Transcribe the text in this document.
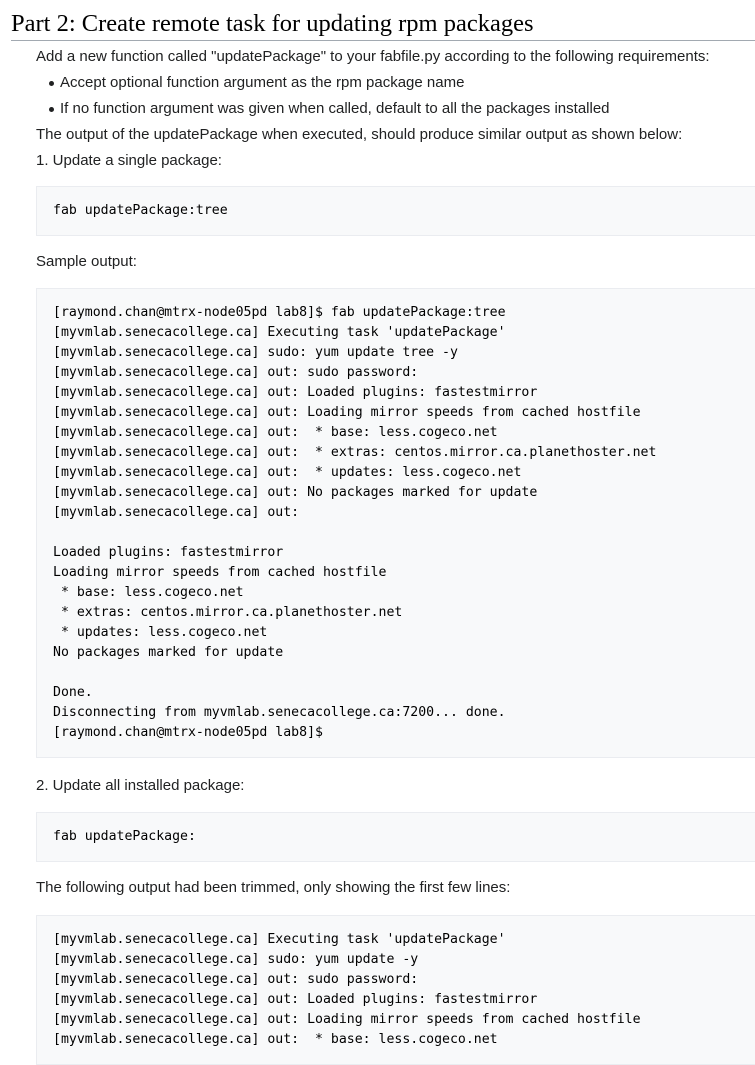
Part 2: Create remote task for updating rpm packages

Add a new function called "updatePackage" to your fabfile.py according to the following requirements:

Accept optional function argument as the rpm package name
If no function argument was given when called, default to all the packages installed

The output of the updatePackage when executed, should produce similar output as shown below:

1. Update a single package:

fab updatePackage:tree

Sample output:

[raymond.chan@mtrx-node05pd lab8]$ fab updatePackage:tree
[myvmlab.senecacollege.ca] Executing task 'updatePackage'
[myvmlab.senecacollege.ca] sudo: yum update tree -y
[myvmlab.senecacollege.ca] out: sudo password:
[myvmlab.senecacollege.ca] out: Loaded plugins: fastestmirror
[myvmlab.senecacollege.ca] out: Loading mirror speeds from cached hostfile
[myvmlab.senecacollege.ca] out:  * base: less.cogeco.net
[myvmlab.senecacollege.ca] out:  * extras: centos.mirror.ca.planethoster.net
[myvmlab.senecacollege.ca] out:  * updates: less.cogeco.net
[myvmlab.senecacollege.ca] out: No packages marked for update
[myvmlab.senecacollege.ca] out:

Loaded plugins: fastestmirror
Loading mirror speeds from cached hostfile
* base: less.cogeco.net
* extras: centos.mirror.ca.planethoster.net
* updates: less.cogeco.net
No packages marked for update

Done.
Disconnecting from myvmlab.senecacollege.ca:7200... done.
[raymond.chan@mtrx-node05pd lab8]$

2. Update all installed package:

fab updatePackage:

The following output had been trimmed, only showing the first few lines:

[myvmlab.senecacollege.ca] Executing task 'updatePackage'
[myvmlab.senecacollege.ca] sudo: yum update -y
[myvmlab.senecacollege.ca] out: sudo password:
[myvmlab.senecacollege.ca] out: Loaded plugins: fastestmirror
[myvmlab.senecacollege.ca] out: Loading mirror speeds from cached hostfile
[myvmlab.senecacollege.ca] out:  * base: less.cogeco.net
